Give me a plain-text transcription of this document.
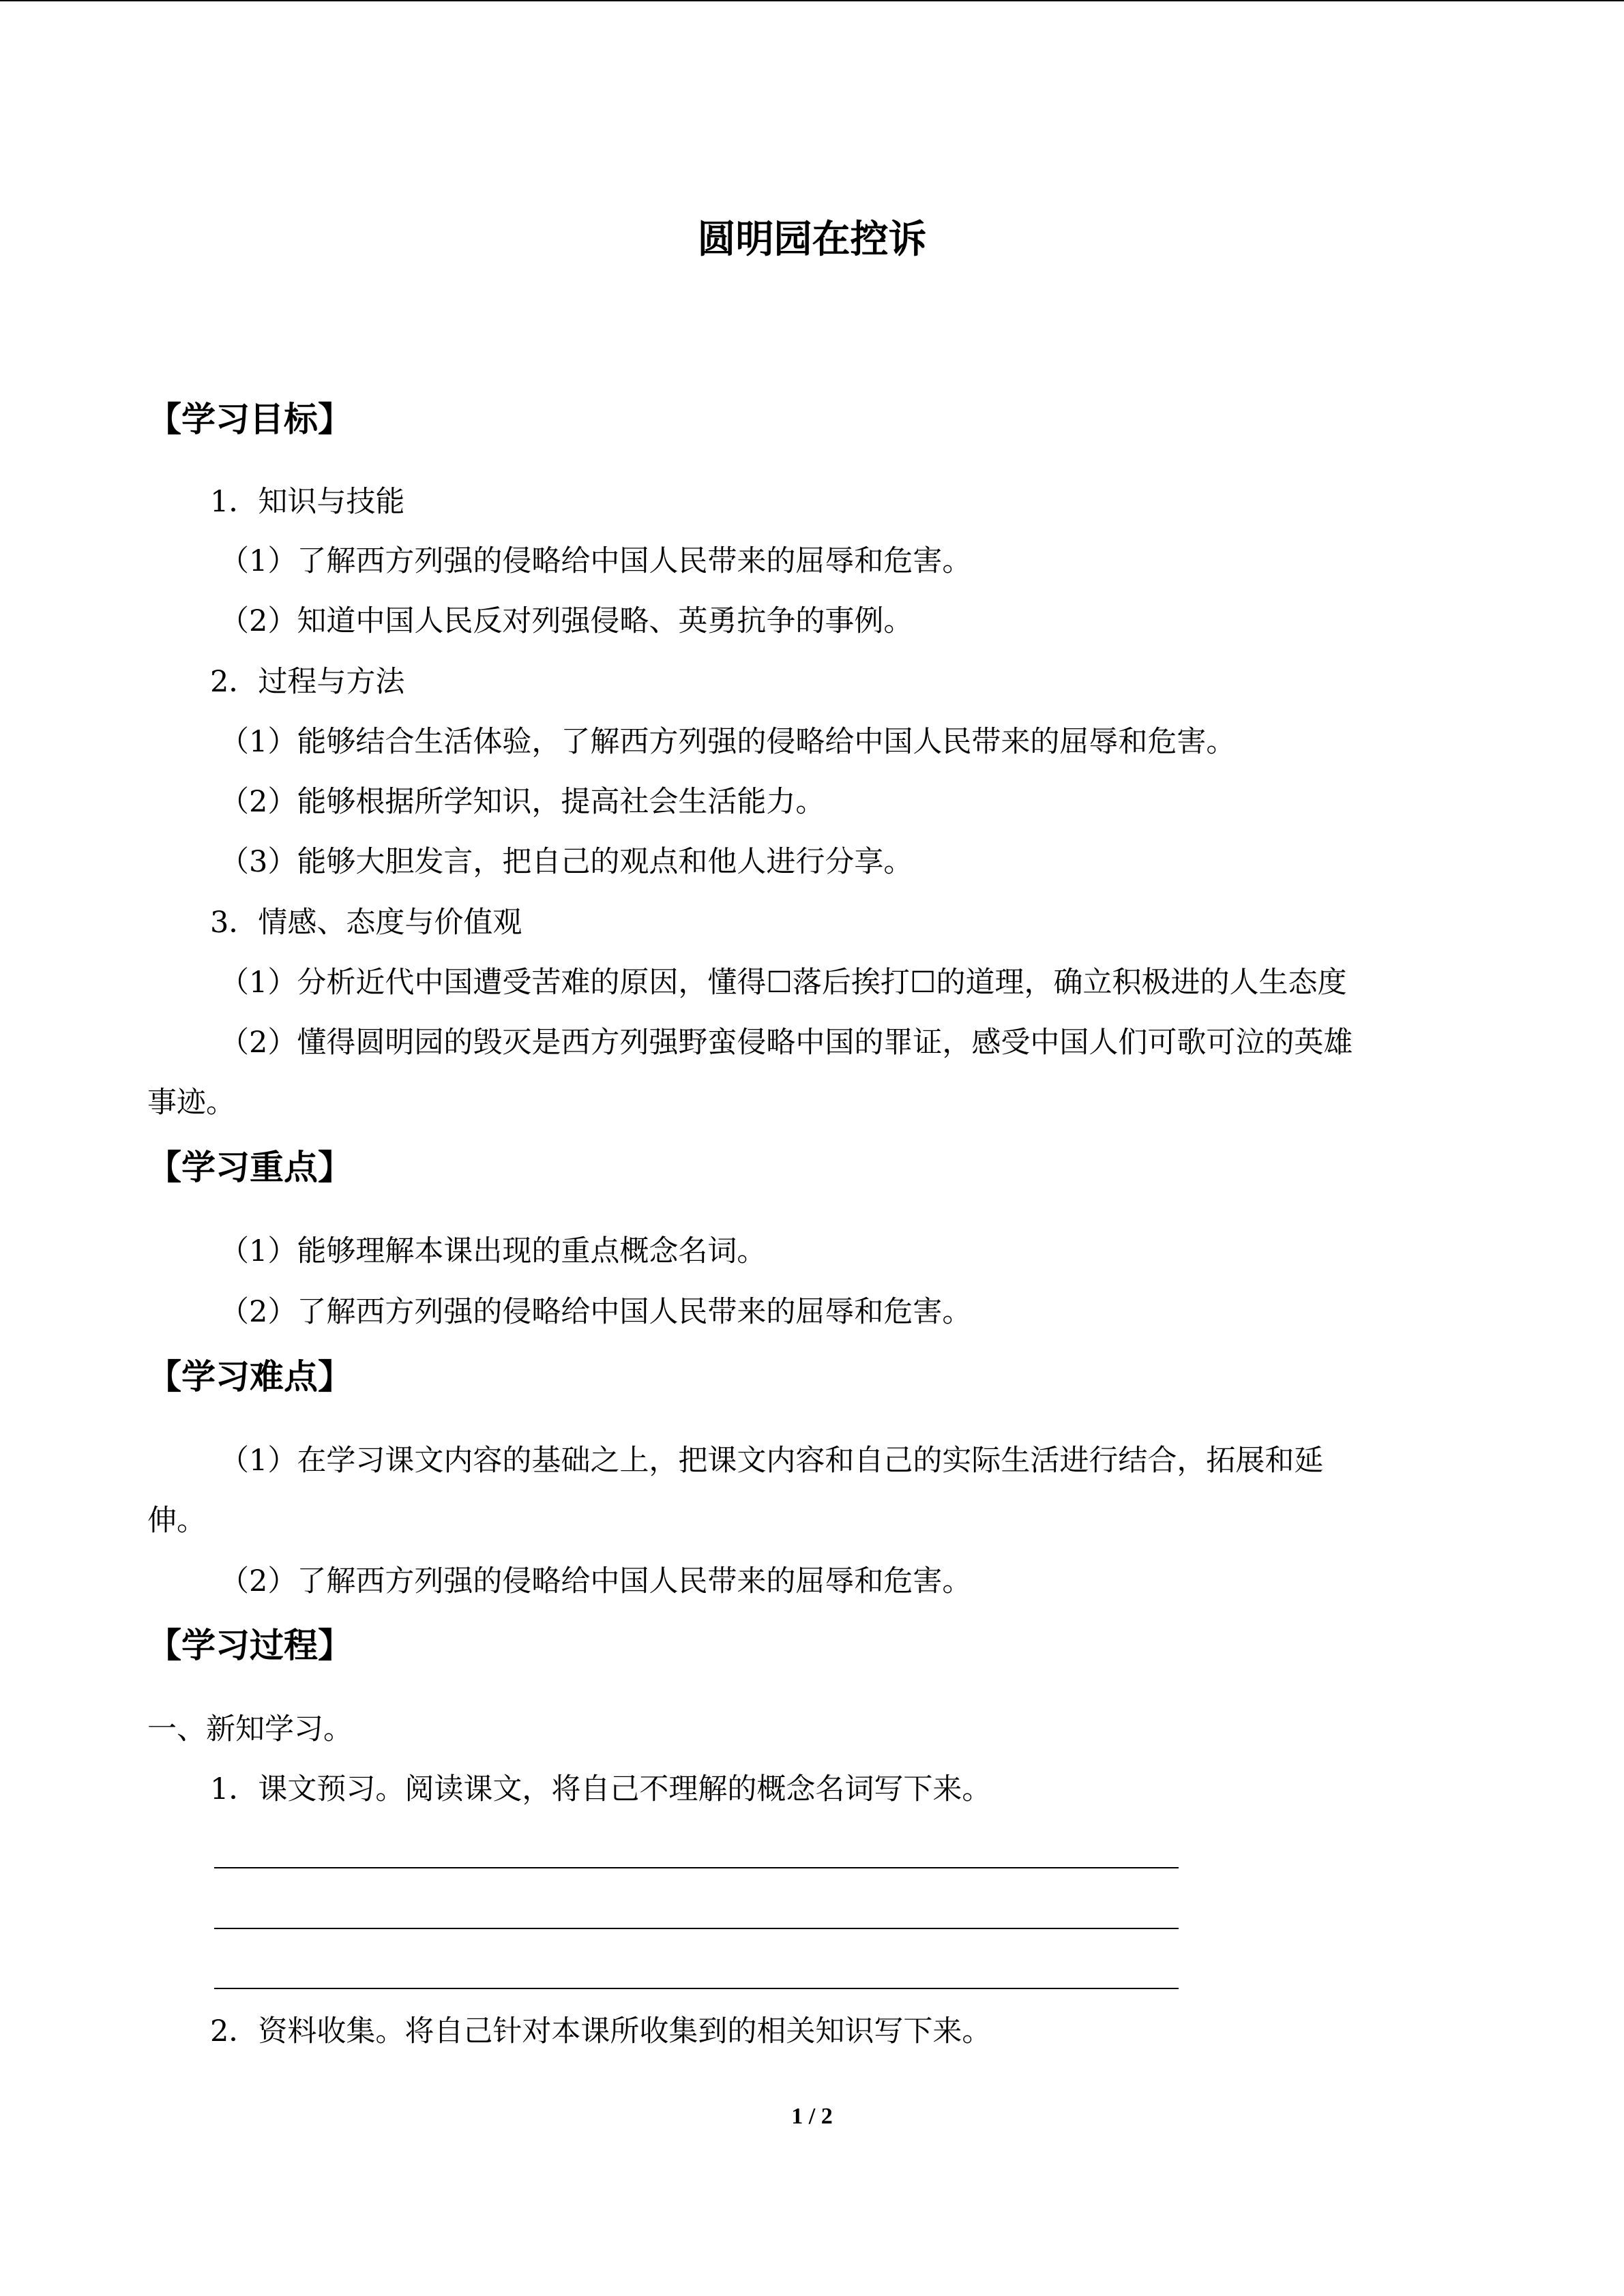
圆明园在控诉
【学习目标】
1．知识与技能
（1）了解西方列强的侵略给中国人民带来的屈辱和危害。
（2）知道中国人民反对列强侵略、英勇抗争的事例。
2．过程与方法
（1）能够结合生活体验，了解西方列强的侵略给中国人民带来的屈辱和危害。
（2）能够根据所学知识，提高社会生活能力。
（3）能够大胆发言，把自己的观点和他人进行分享。
3．情感、态度与价值观
（1）分析近代中国遭受苦难的原因，懂得☐落后挨打☐的道理，确立积极进的人生态度
（2）懂得圆明园的毁灭是西方列强野蛮侵略中国的罪证，感受中国人们可歌可泣的英雄
事迹。
【学习重点】
（1）能够理解本课出现的重点概念名词。
（2）了解西方列强的侵略给中国人民带来的屈辱和危害。
【学习难点】
（1）在学习课文内容的基础之上，把课文内容和自己的实际生活进行结合，拓展和延
伸。
（2）了解西方列强的侵略给中国人民带来的屈辱和危害。
【学习过程】
一、新知学习。
1．课文预习。阅读课文，将自己不理解的概念名词写下来。
2．资料收集。将自己针对本课所收集到的相关知识写下来。
1 / 2
